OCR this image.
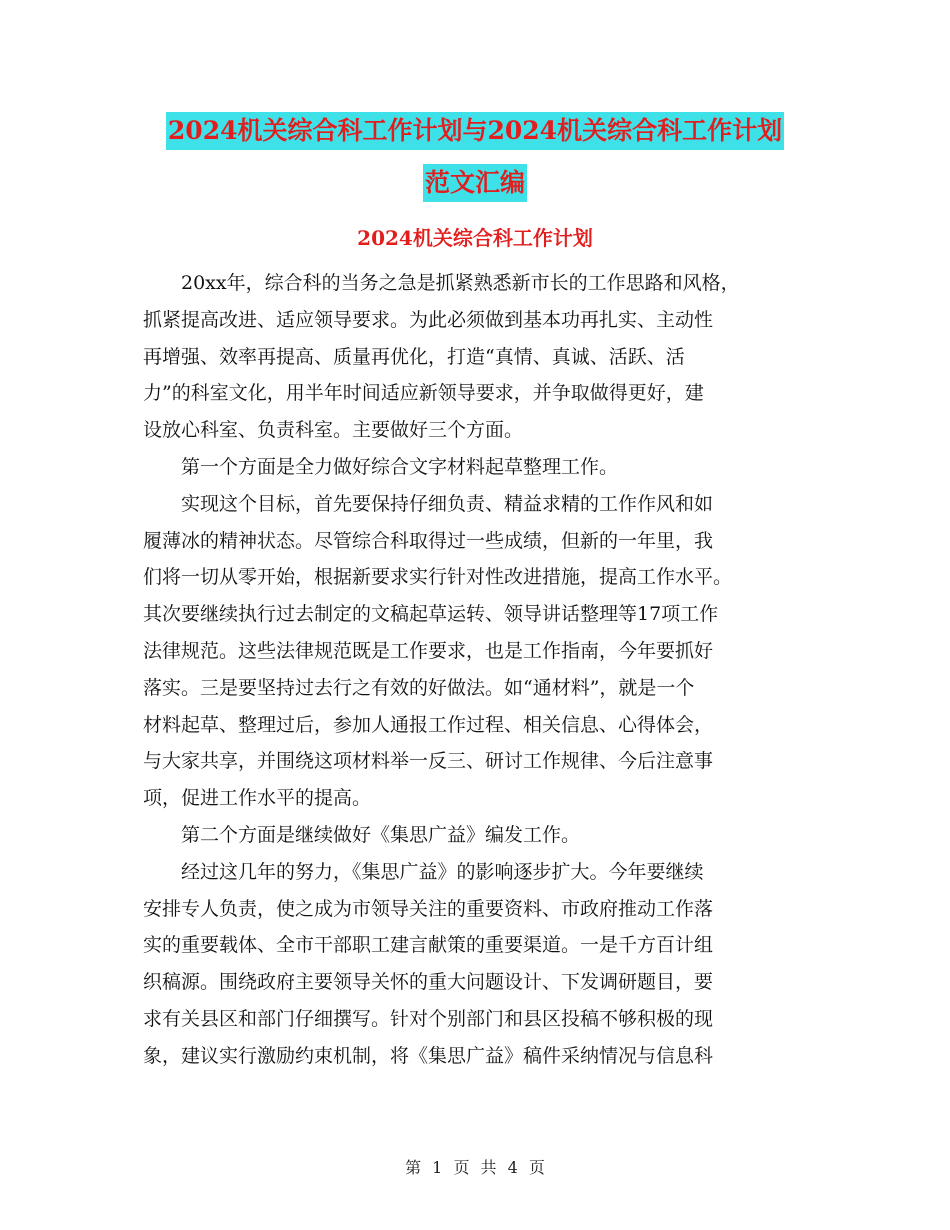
2024机关综合科工作计划与2024机关综合科工作计划
范文汇编
2024机关综合科工作计划

20xx年，综合科的当务之急是抓紧熟悉新市长的工作思路和风格，
抓紧提高改进、适应领导要求。为此必须做到基本功再扎实、主动性
再增强、效率再提高、质量再优化，打造“真情、真诚、活跃、活
力”的科室文化，用半年时间适应新领导要求，并争取做得更好，建
设放心科室、负责科室。主要做好三个方面。

第一个方面是全力做好综合文字材料起草整理工作。

实现这个目标，首先要保持仔细负责、精益求精的工作作风和如
履薄冰的精神状态。尽管综合科取得过一些成绩，但新的一年里，我
们将一切从零开始，根据新要求实行针对性改进措施，提高工作水平。
其次要继续执行过去制定的文稿起草运转、领导讲话整理等17项工作
法律规范。这些法律规范既是工作要求，也是工作指南，今年要抓好
落实。三是要坚持过去行之有效的好做法。如“通材料”，就是一个
材料起草、整理过后，参加人通报工作过程、相关信息、心得体会，
与大家共享，并围绕这项材料举一反三、研讨工作规律、今后注意事
项，促进工作水平的提高。

第二个方面是继续做好《集思广益》编发工作。

经过这几年的努力，《集思广益》的影响逐步扩大。今年要继续
安排专人负责，使之成为市领导关注的重要资料、市政府推动工作落
实的重要载体、全市干部职工建言献策的重要渠道。一是千方百计组
织稿源。围绕政府主要领导关怀的重大问题设计、下发调研题目，要
求有关县区和部门仔细撰写。针对个别部门和县区投稿不够积极的现
象，建议实行激励约束机制，将《集思广益》稿件采纳情况与信息科

第 1 页 共 4 页
